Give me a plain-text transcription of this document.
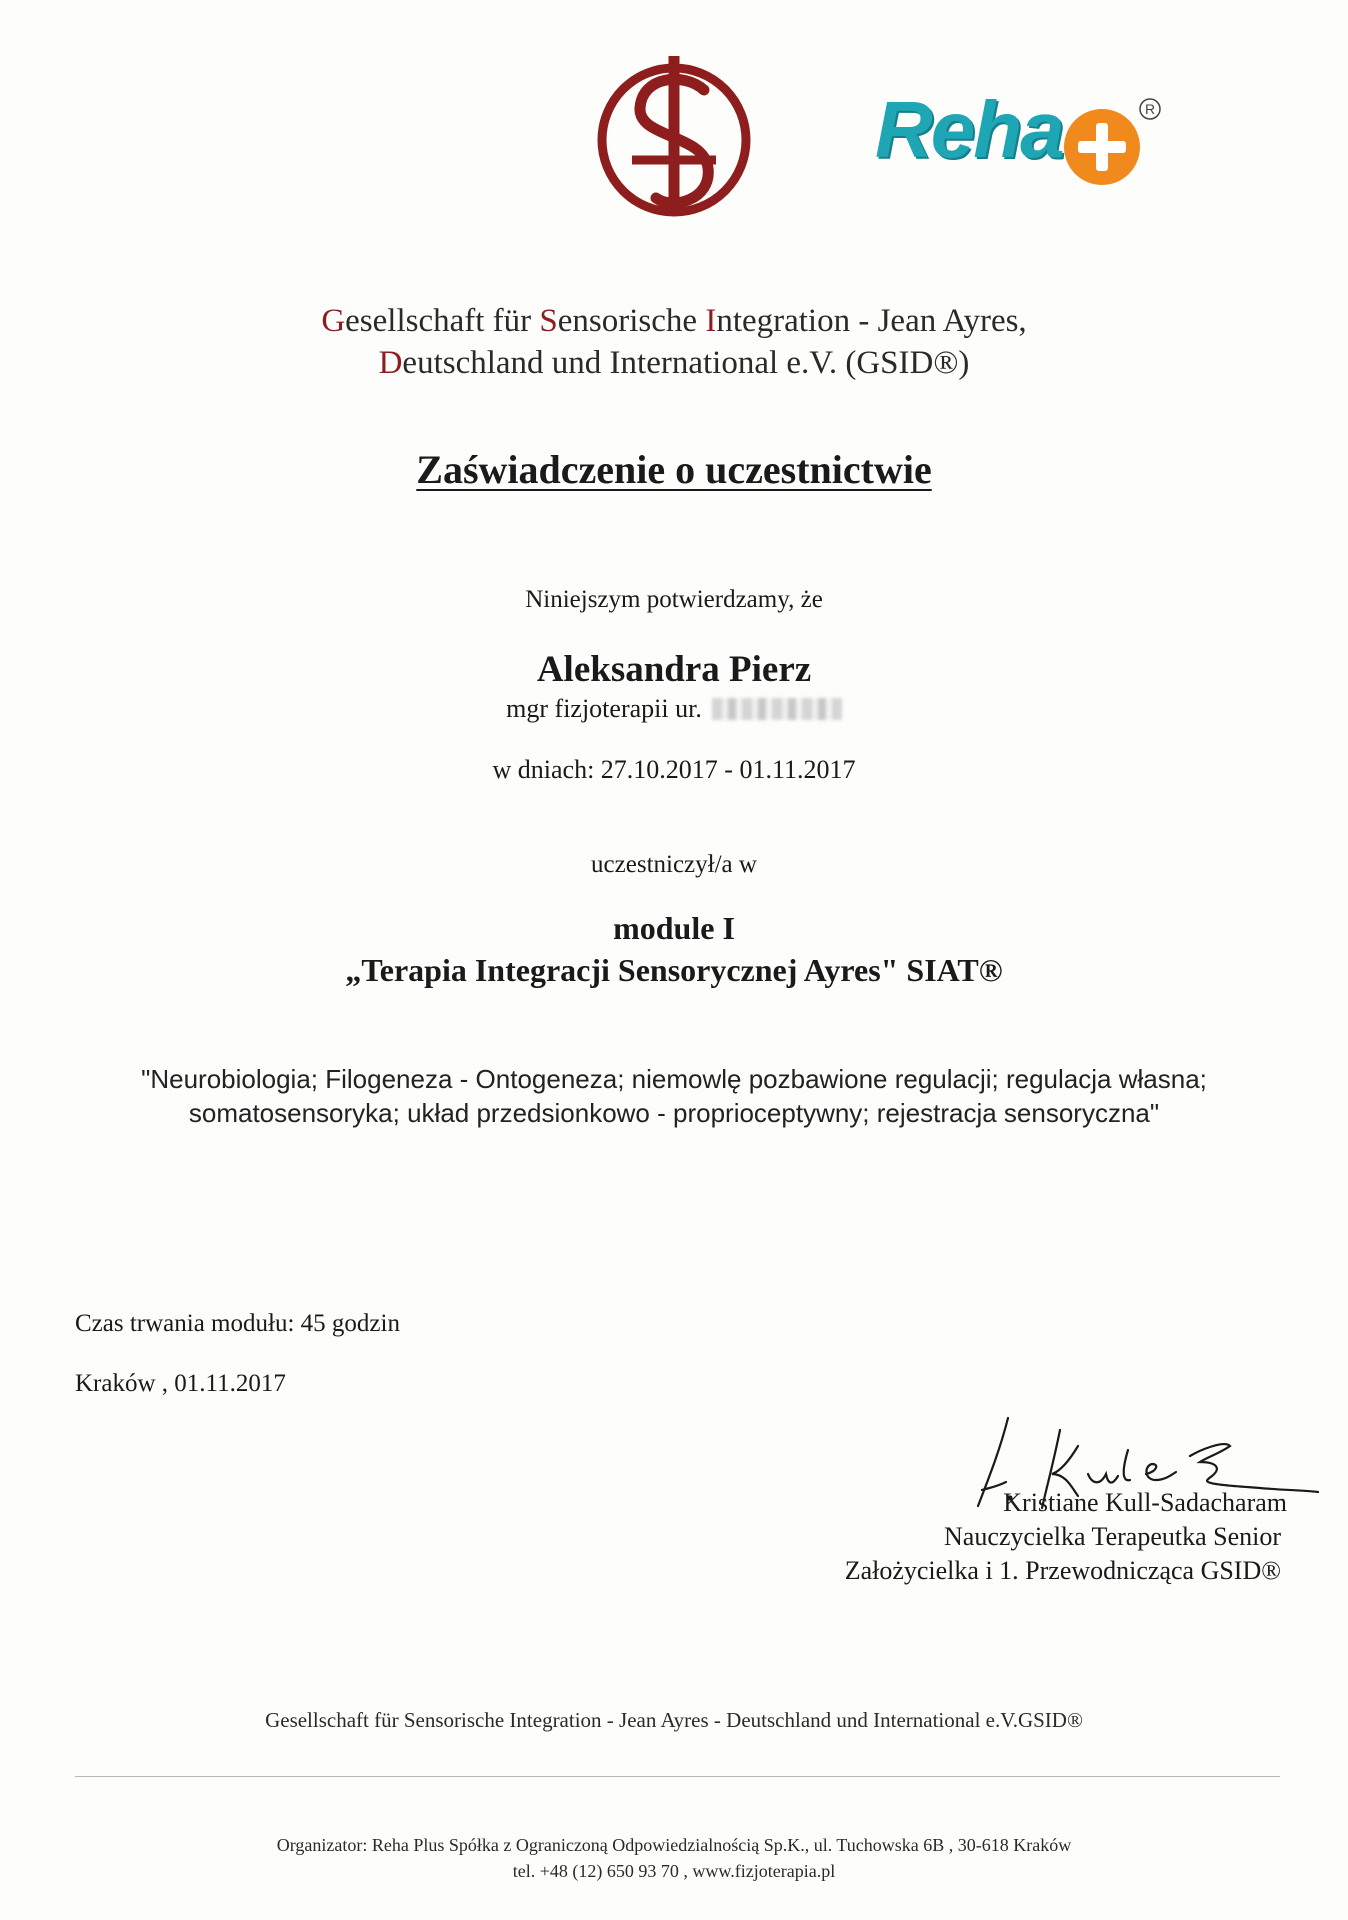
Reha	R
Gesellschaft für Sensorische Integration - Jean Ayres,
Deutschland und International e.V. (GSID®)
Zaświadczenie o uczestnictwie
Niniejszym potwierdzamy, że
Aleksandra Pierz
mgr fizjoterapii ur.
w dniach: 27.10.2017 - 01.11.2017
uczestniczył/a w
module I
„Terapia Integracji Sensorycznej Ayres" SIAT®
"Neurobiologia; Filogeneza - Ontogeneza; niemowlę pozbawione regulacji; regulacja własna;
somatosensoryka; układ przedsionkowo - proprioceptywny; rejestracja sensoryczna"
Czas trwania modułu: 45 godzin
Kraków , 01.11.2017
Kristiane Kull-Sadacharam
Nauczycielka Terapeutka Senior
Założycielka i 1. Przewodnicząca GSID®
Gesellschaft für Sensorische Integration - Jean Ayres - Deutschland und International e.V.GSID®
Organizator: Reha Plus Spółka z Ograniczoną Odpowiedzialnością Sp.K., ul. Tuchowska 6B , 30-618 Kraków
tel. +48 (12) 650 93 70 , www.fizjoterapia.pl
